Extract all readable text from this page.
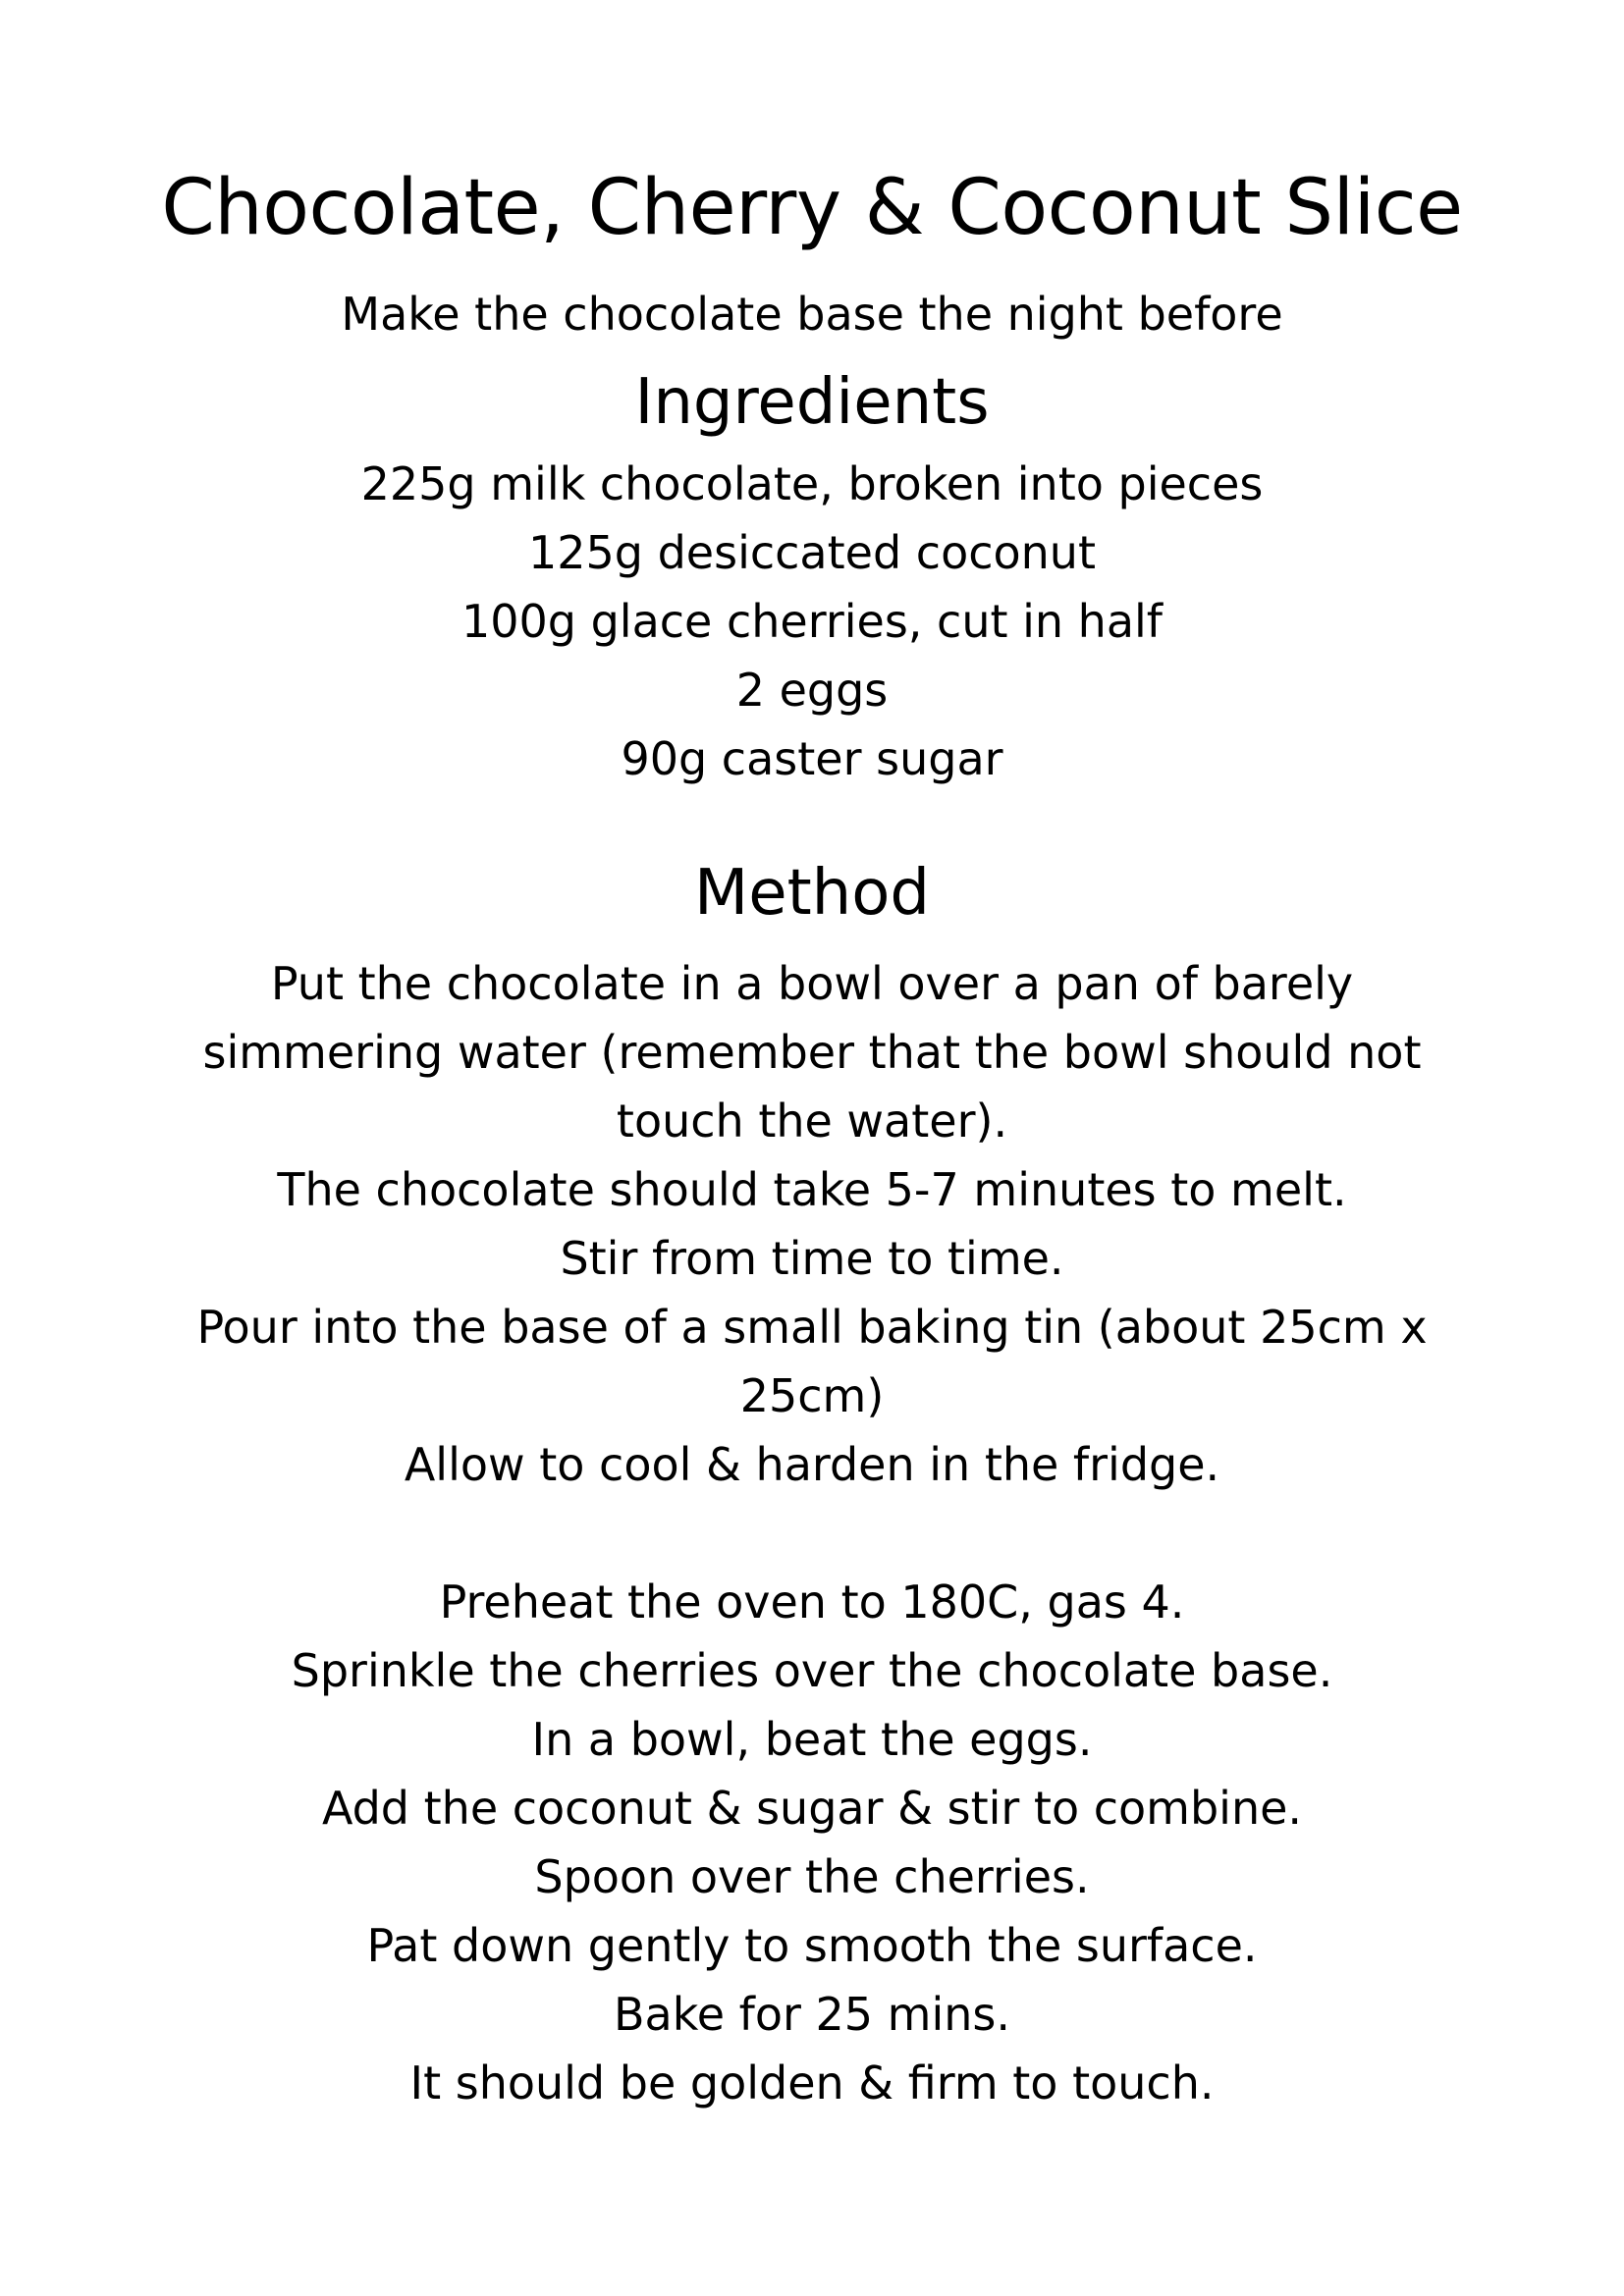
Chocolate, Cherry & Coconut Slice

Make the chocolate base the night before

Ingredients
225g milk chocolate, broken into pieces
125g desiccated coconut
100g glace cherries, cut in half
2 eggs
90g caster sugar
Method
Put the chocolate in a bowl over a pan of barely simmering water (remember that the bowl should not touch the water).
The chocolate should take 5-7 minutes to melt.
Stir from time to time.
Pour into the base of a small baking tin (about 25cm x 25cm)
Allow to cool & harden in the fridge.
Preheat the oven to 180C, gas 4.
Sprinkle the cherries over the chocolate base.
In a bowl, beat the eggs.
Add the coconut & sugar & stir to combine.
Spoon over the cherries.
Pat down gently to smooth the surface.
Bake for 25 mins.
It should be golden & firm to touch.
